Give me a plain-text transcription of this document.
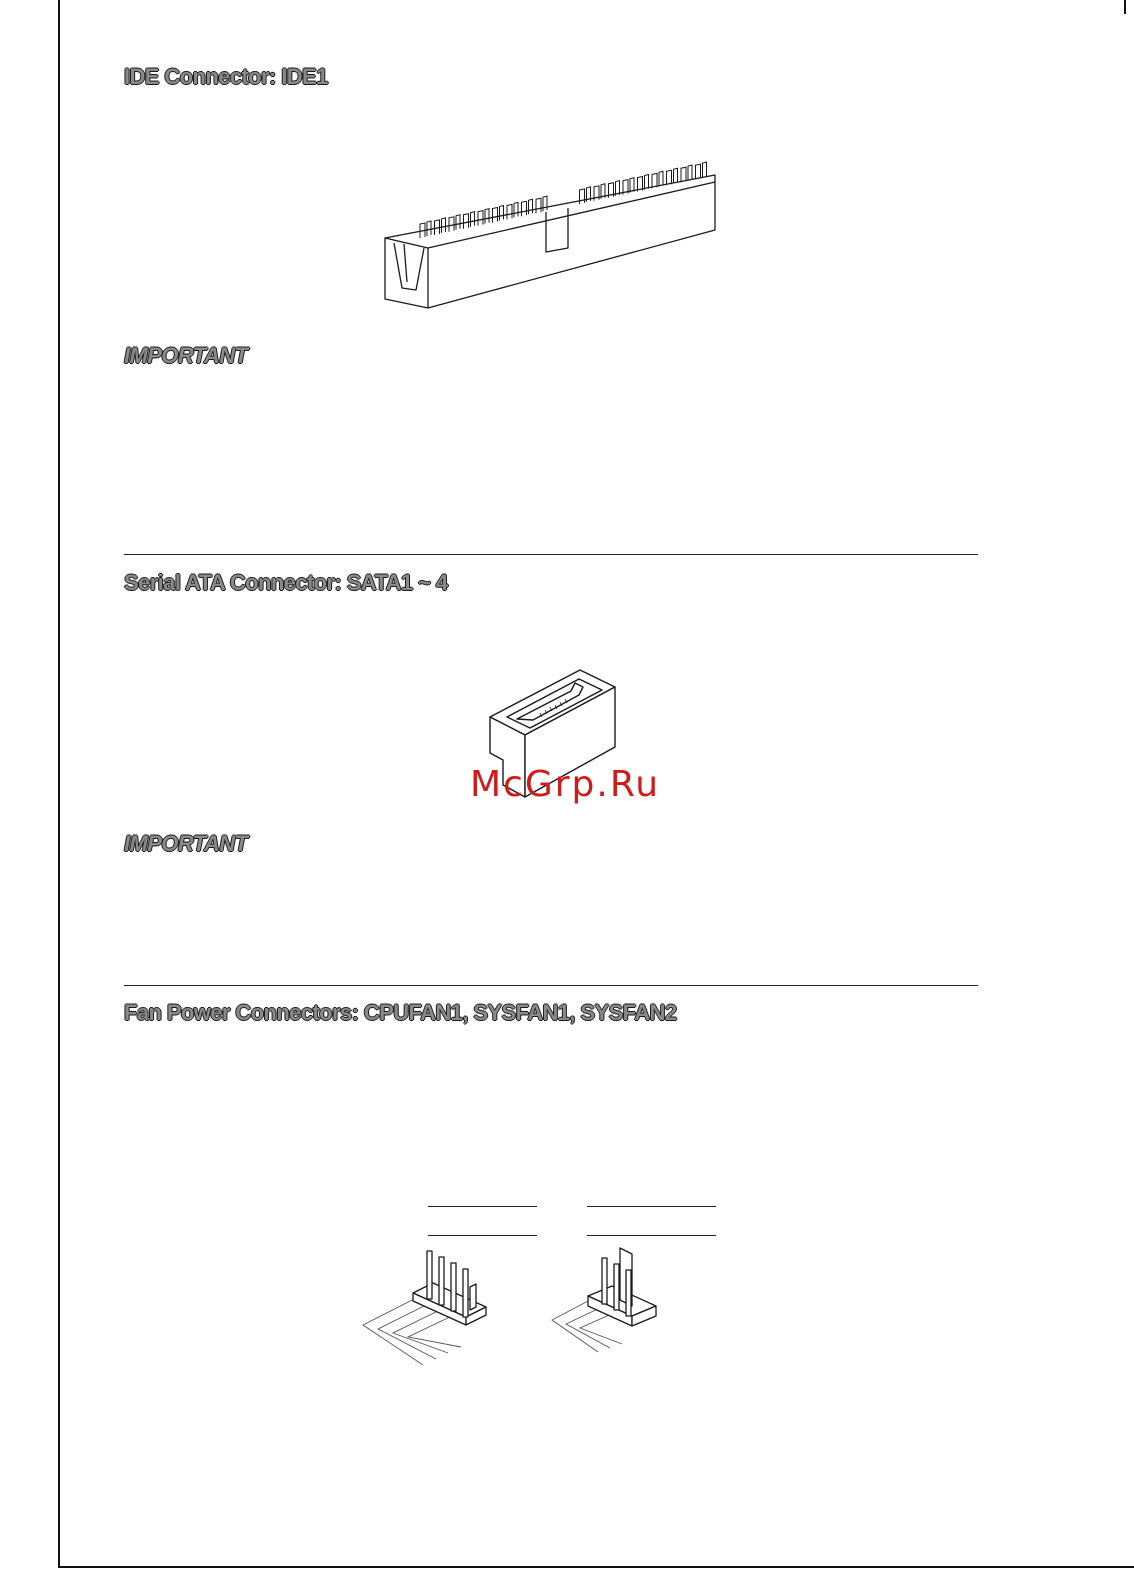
IDE Connector: IDE1
IMPORTANT
Serial ATA Connector: SATA1 ~ 4
McGrp.Ru
IMPORTANT
Fan Power Connectors: CPUFAN1, SYSFAN1, SYSFAN2
